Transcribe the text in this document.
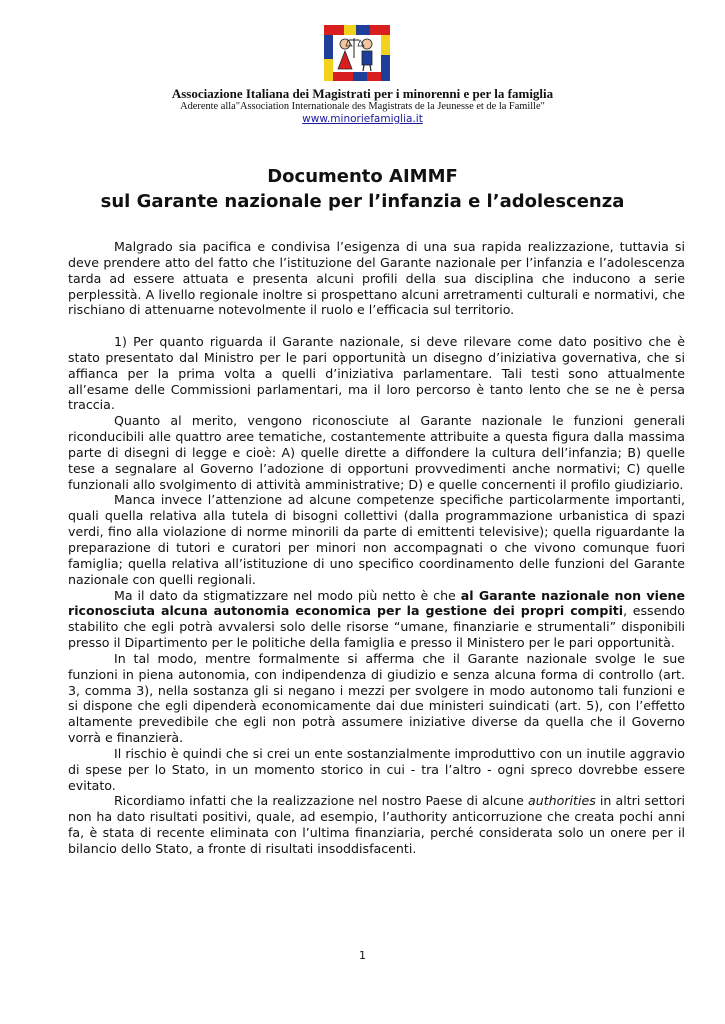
Associazione Italiana dei Magistrati per i minorenni e per la famiglia

Aderente alla"Association Internationale des Magistrats de la Jeunesse et de la Famille"

www.minoriefamiglia.it

Documento AIMMF
sul Garante nazionale per l’infanzia e l’adolescenza

Malgrado sia pacifica e condivisa l’esigenza di una sua rapida realizzazione, tuttavia si deve prendere atto del fatto che l’istituzione del Garante nazionale per l’infanzia e l’adolescenza tarda ad essere attuata e presenta alcuni profili della sua disciplina che inducono a serie perplessità. A livello regionale inoltre si prospettano alcuni arretramenti culturali e normativi, che rischiano di attenuarne notevolmente il ruolo e l’efficacia sul territorio.

1) Per quanto riguarda il Garante nazionale, si deve rilevare come dato positivo che è stato presentato dal Ministro per le pari opportunità un disegno d’iniziativa governativa, che si affianca per la prima volta a quelli d’iniziativa parlamentare. Tali testi sono attualmente all’esame delle Commissioni parlamentari, ma il loro percorso è tanto lento che se ne è persa traccia.

Quanto al merito, vengono riconosciute al Garante nazionale le funzioni generali riconducibili alle quattro aree tematiche, costantemente attribuite a questa figura dalla massima parte di disegni di legge e cioè: A) quelle dirette a diffondere la cultura dell’infanzia; B) quelle tese a segnalare al Governo l’adozione di opportuni provvedimenti anche normativi; C) quelle funzionali allo svolgimento di attività amministrative; D) e quelle concernenti il profilo giudiziario.

Manca invece l’attenzione ad alcune competenze specifiche particolarmente importanti, quali quella relativa alla tutela di bisogni collettivi (dalla programmazione urbanistica di spazi verdi, fino alla violazione di norme minorili da parte di emittenti televisive); quella riguardante la preparazione di tutori e curatori per minori non accompagnati o che vivono comunque fuori famiglia; quella relativa all’istituzione di uno specifico coordinamento delle funzioni del Garante nazionale con quelli regionali.

Ma il dato da stigmatizzare nel modo più netto è che al Garante nazionale non viene riconosciuta alcuna autonomia economica per la gestione dei propri compiti, essendo stabilito che egli potrà avvalersi solo delle risorse “umane, finanziarie e strumentali” disponibili presso il Dipartimento per le politiche della famiglia e presso il Ministero per le pari opportunità.

In tal modo, mentre formalmente si afferma che il Garante nazionale svolge le sue funzioni in piena autonomia, con indipendenza di giudizio e senza alcuna forma di controllo (art. 3, comma 3), nella sostanza gli si negano i mezzi per svolgere in modo autonomo tali funzioni e si dispone che egli dipenderà economicamente dai due ministeri suindicati (art. 5), con l’effetto altamente prevedibile che egli non potrà assumere iniziative diverse da quella che il Governo vorrà e finanzierà.

Il rischio è quindi che si crei un ente sostanzialmente improduttivo con un inutile aggravio di spese per lo Stato, in un momento storico in cui - tra l’altro - ogni spreco dovrebbe essere evitato.

Ricordiamo infatti che la realizzazione nel nostro Paese di alcune authorities in altri settori non ha dato risultati positivi, quale, ad esempio, l’authority anticorruzione che creata pochi anni fa, è stata di recente eliminata con l’ultima finanziaria, perché considerata solo un onere per il bilancio dello Stato, a fronte di risultati insoddisfacenti.

1
